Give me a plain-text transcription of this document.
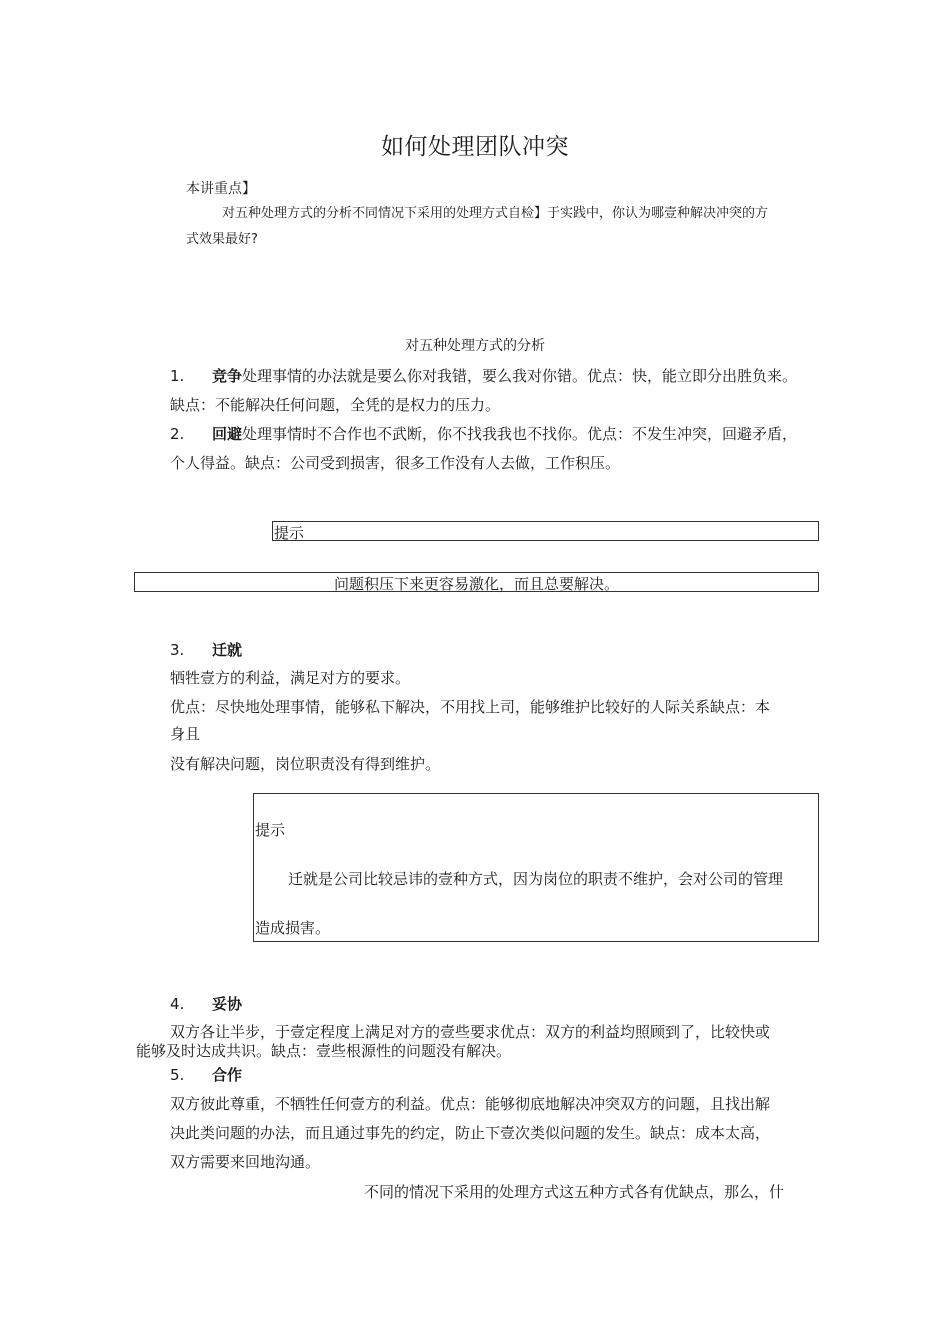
如何处理团队冲突
本讲重点】
对五种处理方式的分析不同情况下采用的处理方式自检】于实践中，你认为哪壹种解决冲突的方
式效果最好?
对五种处理方式的分析
1. 竞争处理事情的办法就是要么你对我错，要么我对你错。优点：快，能立即分出胜负来。
缺点：不能解决任何问题，全凭的是权力的压力。
2. 回避处理事情时不合作也不武断，你不找我我也不找你。优点：不发生冲突，回避矛盾，
个人得益。缺点：公司受到损害，很多工作没有人去做，工作积压。
提示
问题积压下来更容易激化，而且总要解决。
3. 迁就
牺牲壹方的利益，满足对方的要求。
优点：尽快地处理事情，能够私下解决，不用找上司，能够维护比较好的人际关系缺点：本
身且
没有解决问题，岗位职责没有得到维护。
提示
迁就是公司比较忌讳的壹种方式，因为岗位的职责不维护，会对公司的管理
造成损害。
4. 妥协
双方各让半步，于壹定程度上满足对方的壹些要求优点：双方的利益均照顾到了，比较快或
能够及时达成共识。缺点：壹些根源性的问题没有解决。
5. 合作
双方彼此尊重，不牺牲任何壹方的利益。优点：能够彻底地解决冲突双方的问题，且找出解
决此类问题的办法，而且通过事先的约定，防止下壹次类似问题的发生。缺点：成本太高，
双方需要来回地沟通。
不同的情况下采用的处理方式这五种方式各有优缺点，那么，什
